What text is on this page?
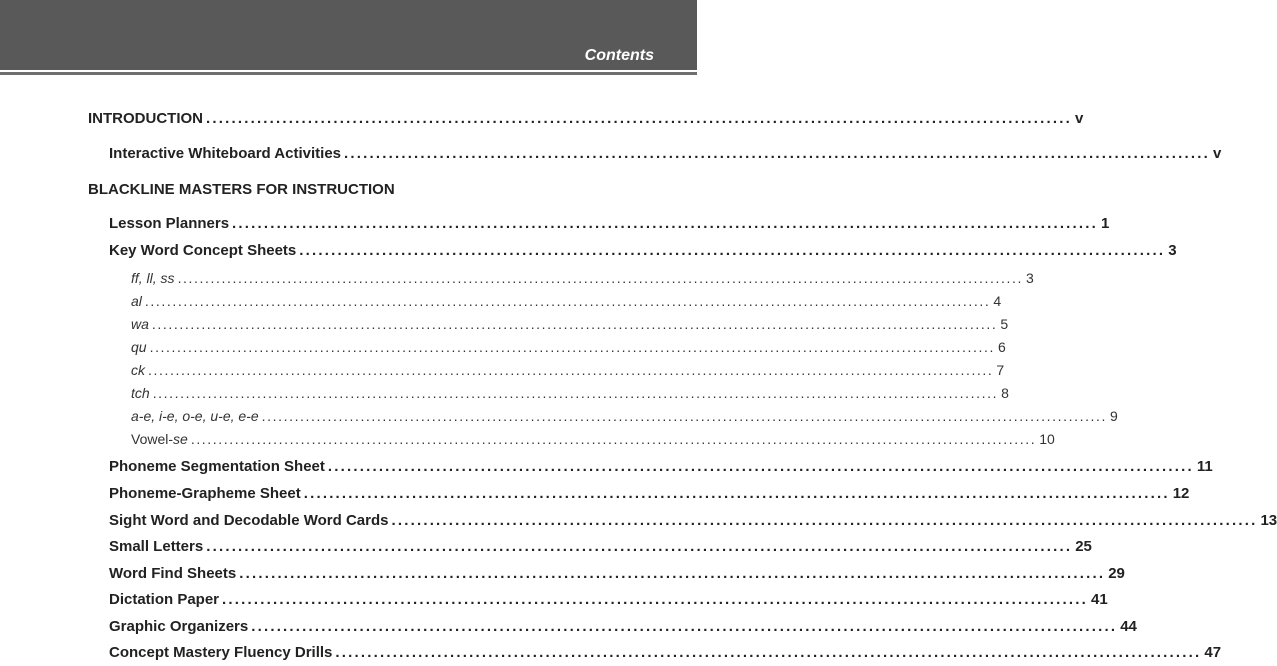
Contents
INTRODUCTION ........................................................................................................................................ v
Interactive Whiteboard Activities ........................................................................................................................................ v
BLACKLINE MASTERS FOR INSTRUCTION
Lesson Planners ........................................................................................................................................ 1
Key Word Concept Sheets ........................................................................................................................................ 3
ff, ll, ss .......................................................................................................................................................... 3
al .......................................................................................................................................................... 4
wa .......................................................................................................................................................... 5
qu .......................................................................................................................................................... 6
ck .......................................................................................................................................................... 7
tch .......................................................................................................................................................... 8
a-e, i-e, o-e, u-e, e-e .......................................................................................................................................................... 9
Vowel-se .......................................................................................................................................................... 10
Phoneme Segmentation Sheet ........................................................................................................................................ 11
Phoneme-Grapheme Sheet ........................................................................................................................................ 12
Sight Word and Decodable Word Cards ........................................................................................................................................ 13
Small Letters ........................................................................................................................................ 25
Word Find Sheets ........................................................................................................................................ 29
Dictation Paper ........................................................................................................................................ 41
Graphic Organizers ........................................................................................................................................ 44
Concept Mastery Fluency Drills ........................................................................................................................................ 47
